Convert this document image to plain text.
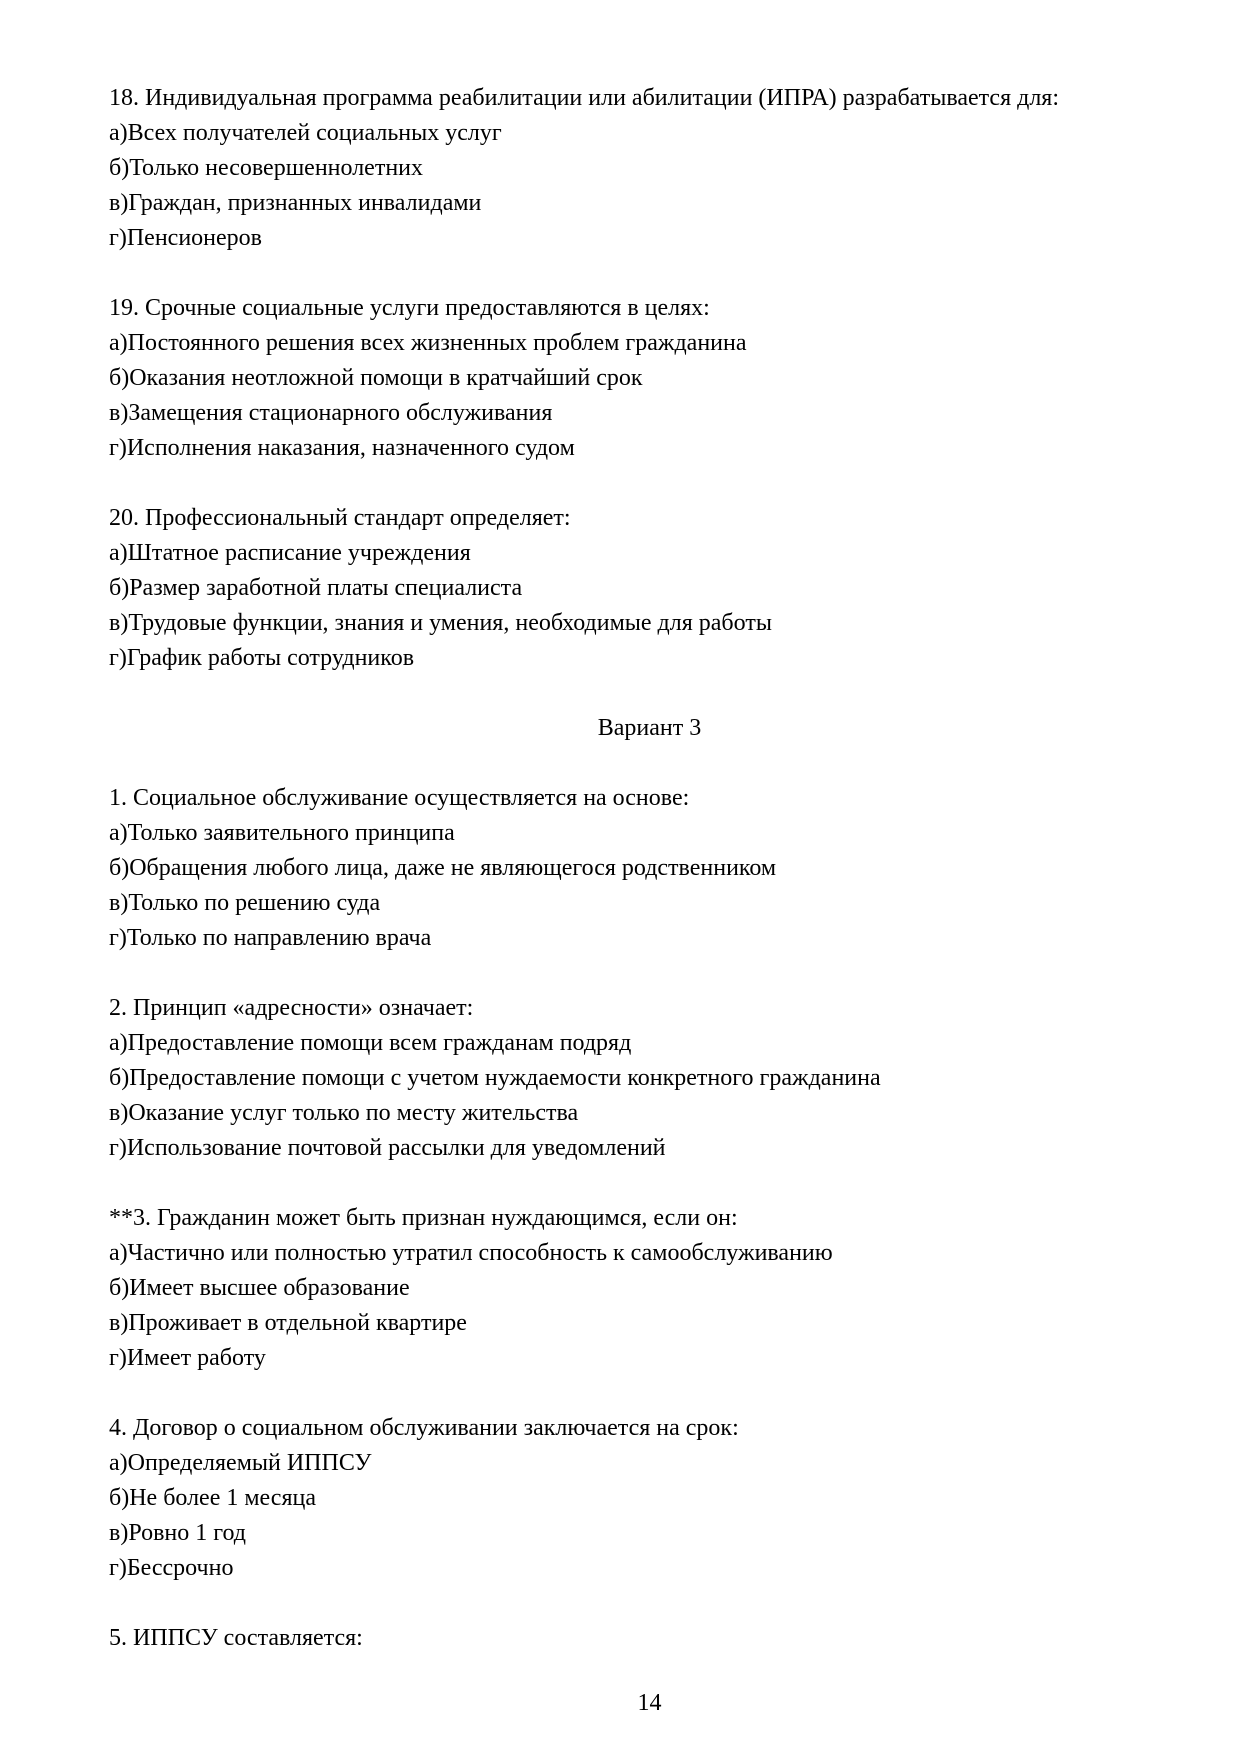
18. Индивидуальная программа реабилитации или абилитации (ИПРА) разрабатывается для:

а)Всех получателей социальных услуг

б)Только несовершеннолетних

в)Граждан, признанных инвалидами

г)Пенсионеров

19. Срочные социальные услуги предоставляются в целях:

а)Постоянного решения всех жизненных проблем гражданина

б)Оказания неотложной помощи в кратчайший срок

в)Замещения стационарного обслуживания

г)Исполнения наказания, назначенного судом

20. Профессиональный стандарт определяет:

а)Штатное расписание учреждения

б)Размер заработной платы специалиста

в)Трудовые функции, знания и умения, необходимые для работы

г)График работы сотрудников

Вариант 3

1. Социальное обслуживание осуществляется на основе:

а)Только заявительного принципа

б)Обращения любого лица, даже не являющегося родственником

в)Только по решению суда

г)Только по направлению врача

2. Принцип «адресности» означает:

а)Предоставление помощи всем гражданам подряд

б)Предоставление помощи с учетом нуждаемости конкретного гражданина

в)Оказание услуг только по месту жительства

г)Использование почтовой рассылки для уведомлений

**3. Гражданин может быть признан нуждающимся, если он:

а)Частично или полностью утратил способность к самообслуживанию

б)Имеет высшее образование

в)Проживает в отдельной квартире

г)Имеет работу

4. Договор о социальном обслуживании заключается на срок:

а)Определяемый ИППСУ

б)Не более 1 месяца

в)Ровно 1 год

г)Бессрочно

5. ИППСУ составляется:

14
